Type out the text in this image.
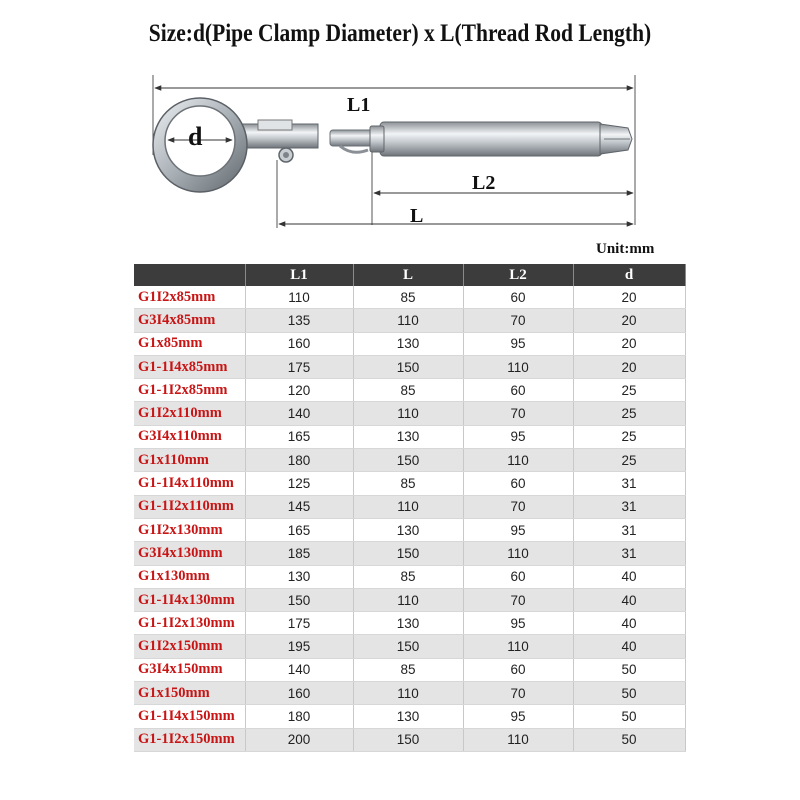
Size:d(Pipe Clamp Diameter) x L(Thread Rod Length)
L1
L2
L
d
Unit:mm
	L1	L	L2	d
G1I2x85mm	110	85	60	20
G3I4x85mm	135	110	70	20
G1x85mm	160	130	95	20
G1-1I4x85mm	175	150	110	20
G1-1I2x85mm	120	85	60	25
G1I2x110mm	140	110	70	25
G3I4x110mm	165	130	95	25
G1x110mm	180	150	110	25
G1-1I4x110mm	125	85	60	31
G1-1I2x110mm	145	110	70	31
G1I2x130mm	165	130	95	31
G3I4x130mm	185	150	110	31
G1x130mm	130	85	60	40
G1-1I4x130mm	150	110	70	40
G1-1I2x130mm	175	130	95	40
G1I2x150mm	195	150	110	40
G3I4x150mm	140	85	60	50
G1x150mm	160	110	70	50
G1-1I4x150mm	180	130	95	50
G1-1I2x150mm	200	150	110	50
